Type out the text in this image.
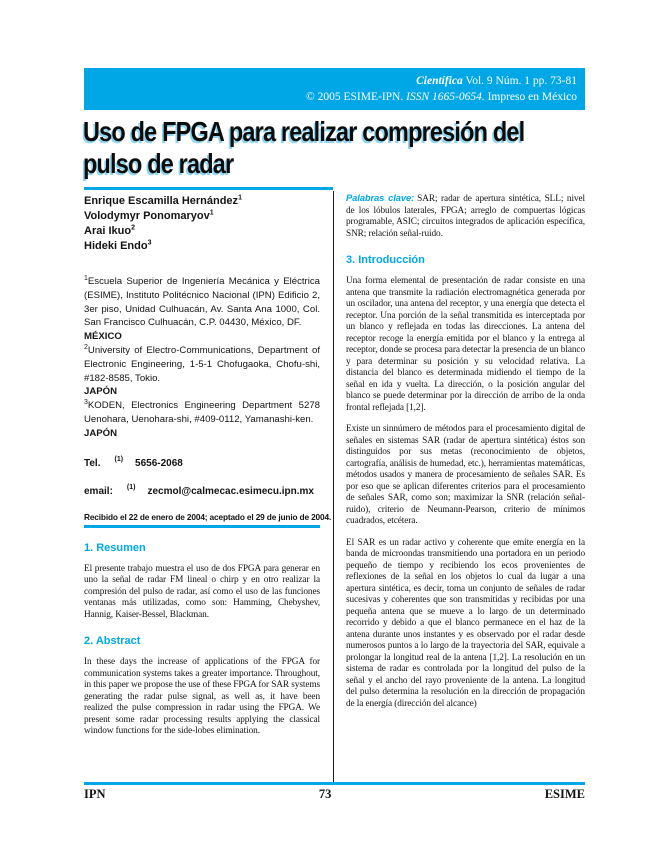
Científica Vol. 9 Núm. 1 pp. 73-81
© 2005 ESIME-IPN. ISSN 1665-0654. Impreso en México
Uso de FPGA para realizar compresión del
pulso de radar
Enrique Escamilla Hernández$^1$
Volodymyr Ponomaryov$^1$
Arai Ikuo$^2$
Hideki Endo$^3$

$^1$Escuela Superior de Ingeniería Mecánica y Eléctrica (ESIME), Instituto Politécnico Nacional (IPN) Edificio 2, 3er piso, Unidad Culhuacán, Av. Santa Ana 1000, Col. San Francisco Culhuacán, C.P. 04430, México, DF.

MÉXICO

$^2$University of Electro-Communications, Department of Electronic Engineering, 1-5-1 Chofugaoka, Chofu-shi, #182-8585, Tokio.

JAPÓN

$^3$KODEN, Electronics Engineering Department 5278 Uenohara, Uenohara-shi, #409-0112, Yamanashi-ken.

JAPÓN

Tel. $^{(1)}$ 5656-2068
email: $^{(1)}$ zecmol@calmecac.esimecu.ipn.mx
Recibido el 22 de enero de 2004; aceptado el 29 de junio de 2004.
1. Resumen

El presente trabajo muestra el uso de dos FPGA para generar en uno la señal de radar FM lineal o chirp y en otro realizar la compresión del pulso de radar, así como el uso de las funciones ventanas más utilizadas, como son: Hamming, Chebyshev, Hannig, Kaiser-Bessel, Blackman.

2. Abstract

In these days the increase of applications of the FPGA for communication systems takes a greater importance. Throughout, in this paper we propose the use of these FPGA for SAR systems generating the radar pulse signal, as well as, it have been realized the pulse compression in radar using the FPGA. We present some radar processing results applying the classical window functions for the side-lobes elimination.

Palabras clave: SAR; radar de apertura sintética, SLL; nivel de los lóbulos laterales, FPGA; arreglo de compuertas lógicas programable, ASIC; circuitos integrados de aplicación específica, SNR; relación señal-ruido.

3. Introducción

Una forma elemental de presentación de radar consiste en una antena que transmite la radiación electromagnética generada por un oscilador, una antena del receptor, y una energía que detecta el receptor. Una porción de la señal transmitida es interceptada por un blanco y reflejada en todas las direcciones. La antena del receptor recoge la energía emitida por el blanco y la entrega al receptor, donde se procesa para detectar la presencia de un blanco y para determinar su posición y su velocidad relativa. La distancia del blanco es determinada midiendo el tiempo de la señal en ida y vuelta. La dirección, o la posición angular del blanco se puede determinar por la dirección de arribo de la onda frontal reflejada [1,2].

Existe un sinnúmero de métodos para el procesamiento digital de señales en sistemas SAR (radar de apertura sintética) éstos son distinguidos por sus metas (reconocimiento de objetos, cartografía, análisis de humedad, etc.), herramientas matemáticas, métodos usados y manera de procesamiento de señales SAR. Es por eso que se aplican diferentes criterios para el procesamiento de señales SAR, como son; maximizar la SNR (relación señal-ruido), criterio de Neumann-Pearson, criterio de mínimos cuadrados, etcétera.

El SAR es un radar activo y coherente que emite energía en la banda de microondas transmitiendo una portadora en un periodo pequeño de tiempo y recibiendo los ecos provenientes de reflexiones de la señal en los objetos lo cual da lugar a una apertura sintética, es decir, toma un conjunto de señales de radar sucesivas y coherentes que son transmitidas y recibidas por una pequeña antena que se mueve a lo largo de un determinado recorrido y debido a que el blanco permanece en el haz de la antena durante unos instantes y es observado por el radar desde numerosos puntos a lo largo de la trayectoria del SAR, equivale a prolongar la longitud real de la antena [1,2]. La resolución en un sistema de radar es controlada por la longitud del pulso de la señal y el ancho del rayo proveniente de la antena. La longitud del pulso determina la resolución en la dirección de propagación de la energía (dirección del alcance)

IPN	73	ESIME
